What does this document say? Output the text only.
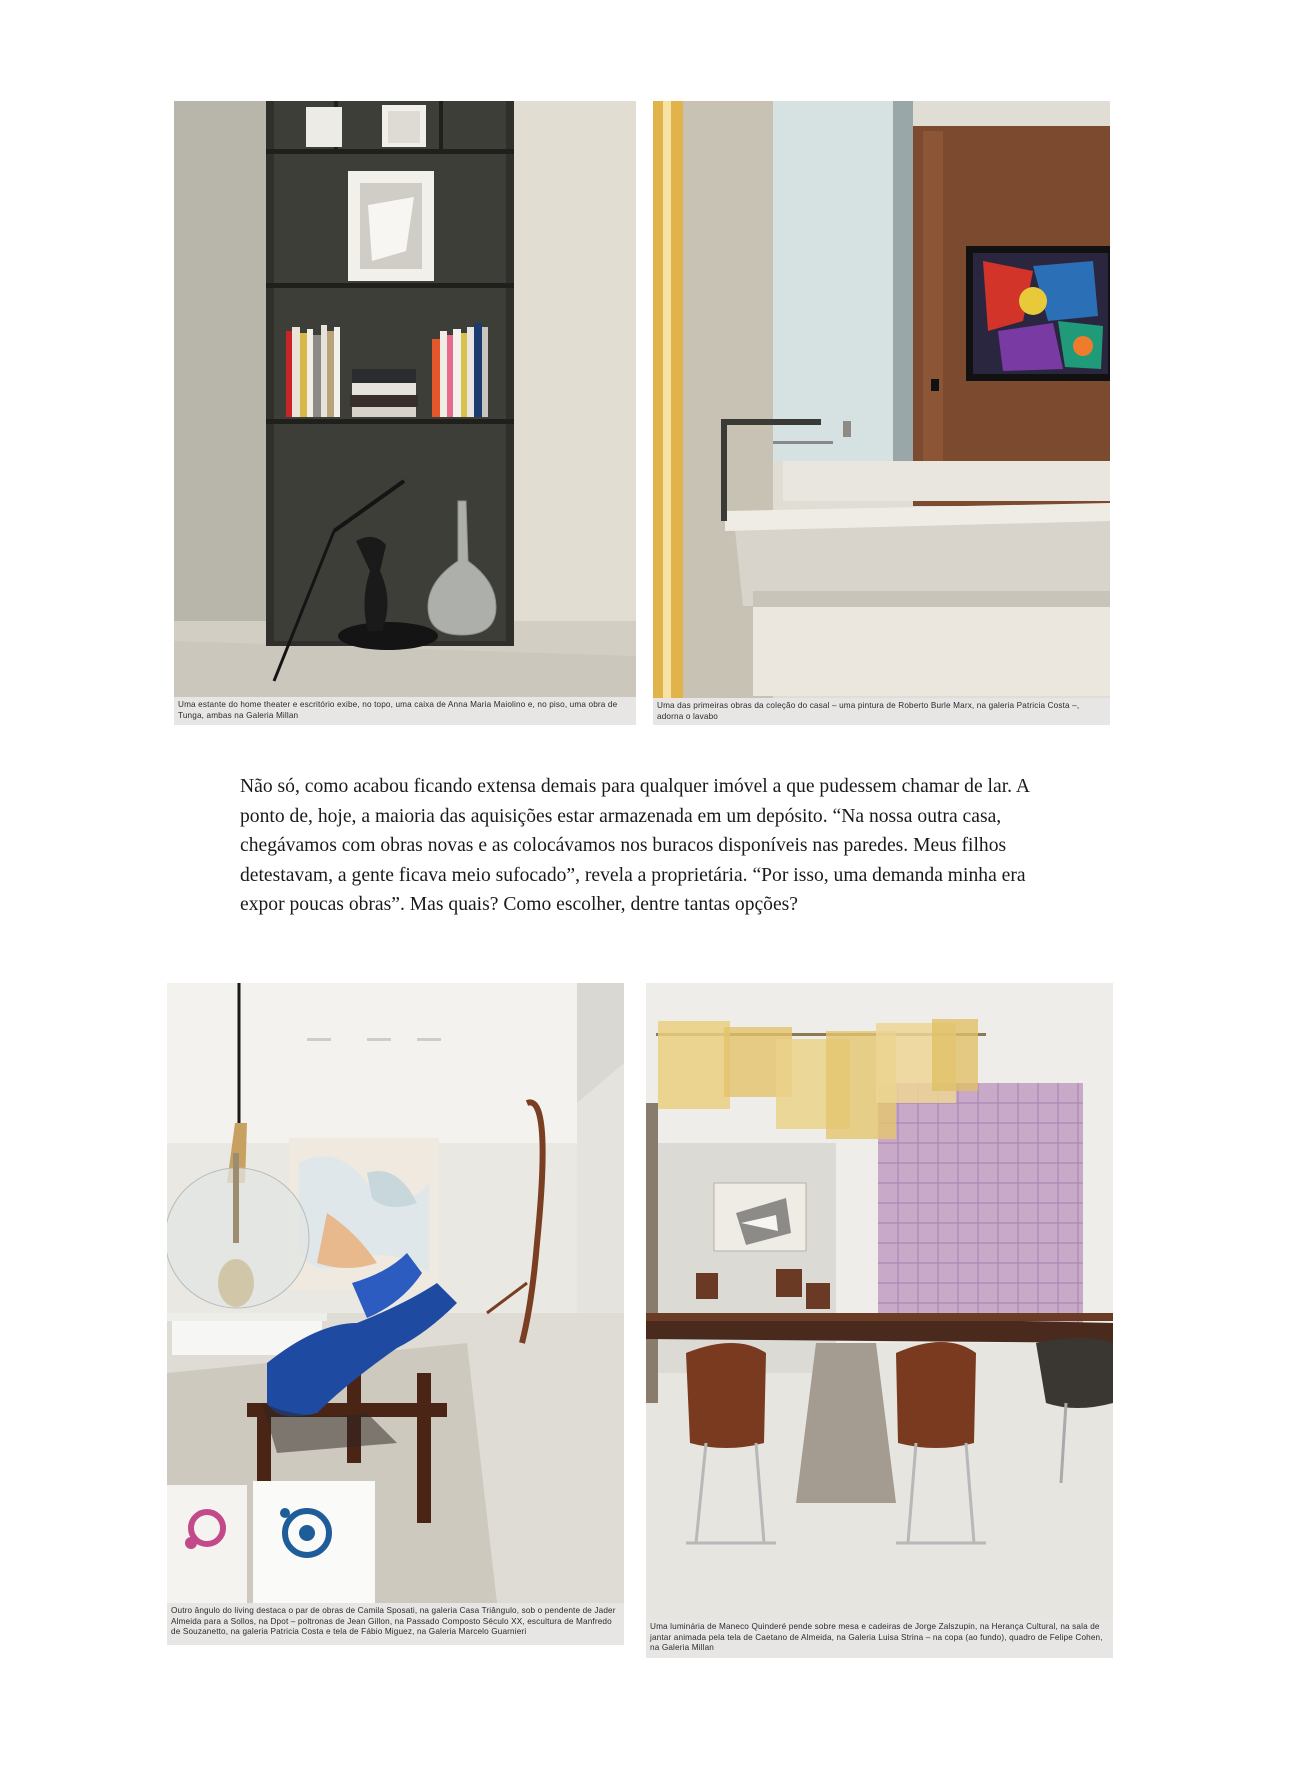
Uma estante do home theater e escritório exibe, no topo, uma caixa de Anna Maria Maiolino e, no piso, uma obra de Tunga, ambas na Galeria Millan
Uma das primeiras obras da coleção do casal – uma pintura de Roberto Burle Marx, na galeria Patricia Costa –, adorna o lavabo

Não só, como acabou ficando extensa demais para qualquer imóvel a que pudessem chamar de lar. A ponto de, hoje, a maioria das aquisições estar armazenada em um depósito. “Na nossa outra casa, chegávamos com obras novas e as colocávamos nos buracos disponíveis nas paredes. Meus filhos detestavam, a gente ficava meio sufocado”, revela a proprietária. “Por isso, uma demanda minha era expor poucas obras”. Mas quais? Como escolher, dentre tantas opções?

Outro ângulo do living destaca o par de obras de Camila Sposati, na galeria Casa Triângulo, sob o pendente de Jader Almeida para a Sollos, na Dpot – poltronas de Jean Gillon, na Passado Composto Século XX, escultura de Manfredo de Souzanetto, na galeria Patricia Costa e tela de Fábio Miguez, na Galeria Marcelo Guarnieri
Uma luminária de Maneco Quinderé pende sobre mesa e cadeiras de Jorge Zalszupin, na Herança Cultural, na sala de jantar animada pela tela de Caetano de Almeida, na Galeria Luisa Strina – na copa (ao fundo), quadro de Felipe Cohen, na Galeria Millan
